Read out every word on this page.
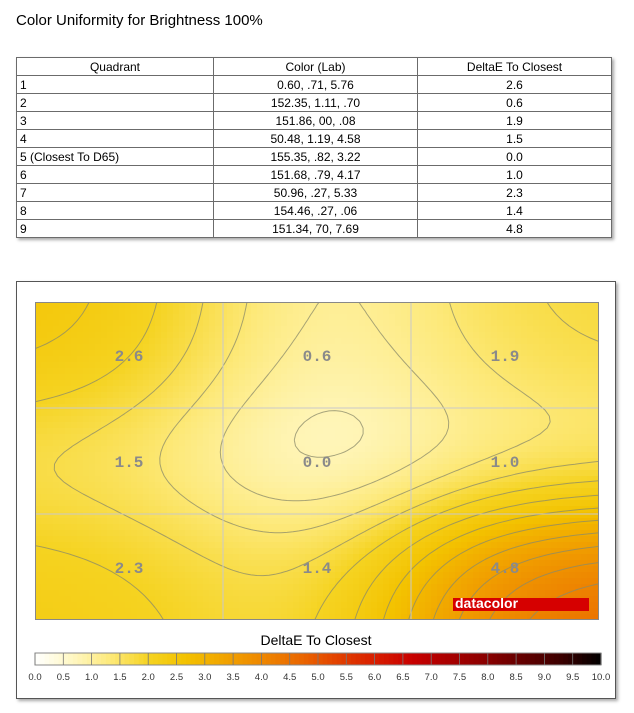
Color Uniformity for Brightness 100%
Quadrant	Color (Lab)	DeltaE To Closest
1	0.60, .71, 5.76	2.6
2	152.35, 1.11, .70	0.6
3	151.86, 00, .08	1.9
4	50.48, 1.19, 4.58	1.5
5 (Closest To D65)	155.35, .82, 3.22	0.0
6	151.68, .79, 4.17	1.0
7	50.96, .27, 5.33	2.3
8	154.46, .27, .06	1.4
9	151.34, 70, 7.69	4.8
2.6	0.6	1.9
1.5	0.0	1.0
2.3	1.4	4.8
datacolor
DeltaE To Closest
0.0 0.5 1.0 1.5 2.0 2.5 3.0 3.5 4.0 4.5 5.0 5.5 6.0 6.5 7.0 7.5 8.0 8.5 9.0 9.5 10.0
